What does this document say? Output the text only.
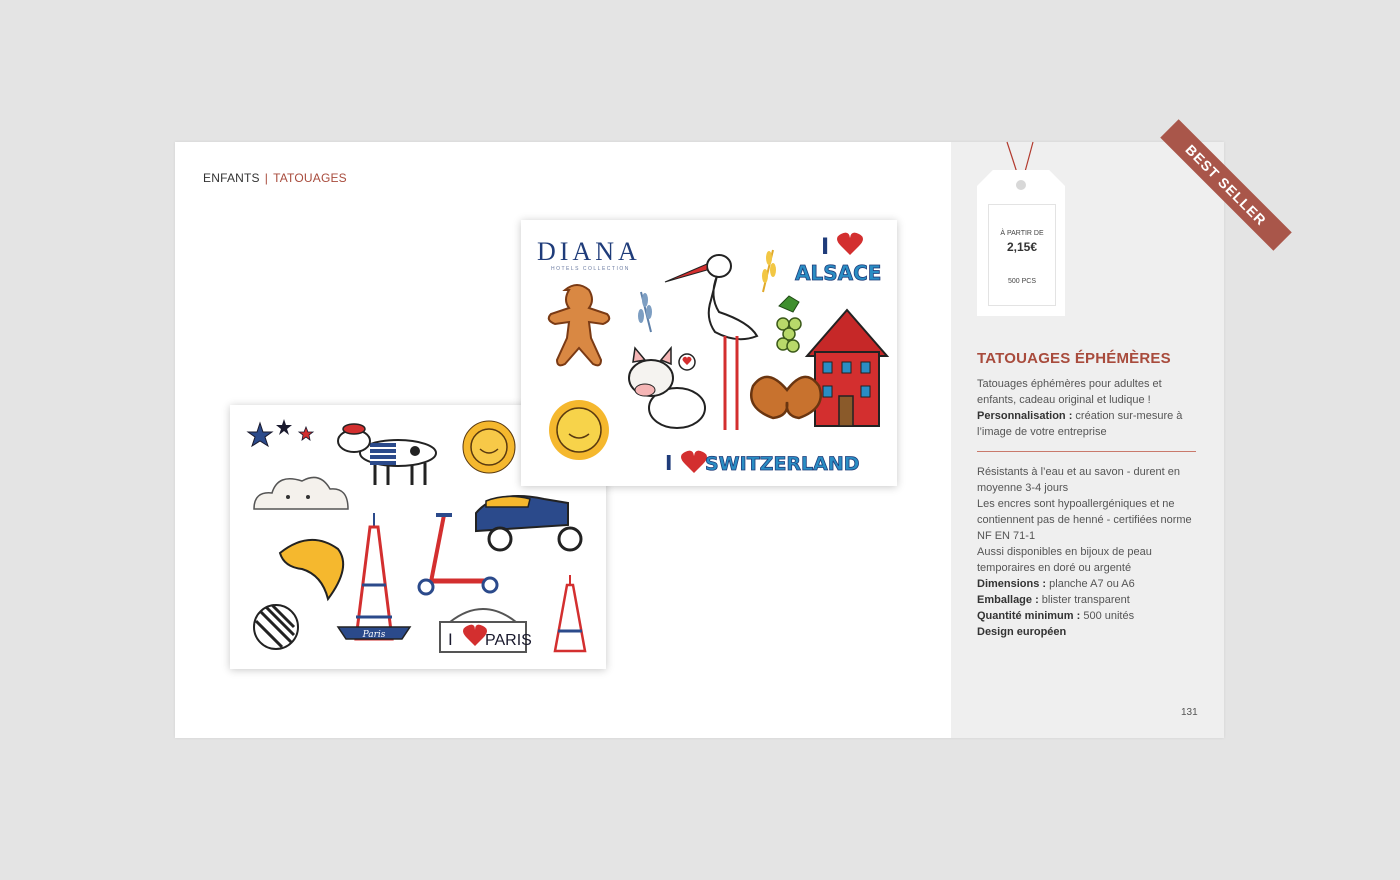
ENFANTS | TATOUAGES
Paris	I PARIS
DIANA
HOTELS COLLECTION
I
ALSACE
I SWITZERLAND
À PARTIR DE
2,15€
500 PCS
BEST SELLER
TATOUAGES ÉPHÉMÈRES
Tatouages éphémères pour adultes et enfants, cadeau original et ludique !
Personnalisation : création sur-mesure à l’image de votre entreprise
Résistants à l’eau et au savon - durent en moyenne 3-4 jours
Les encres sont hypoallergéniques et ne contiennent pas de henné - certifiées norme NF EN 71-1
Aussi disponibles en bijoux de peau temporaires en doré ou argenté
Dimensions : planche A7 ou A6
Emballage : blister transparent
Quantité minimum : 500 unités
Design européen
131
